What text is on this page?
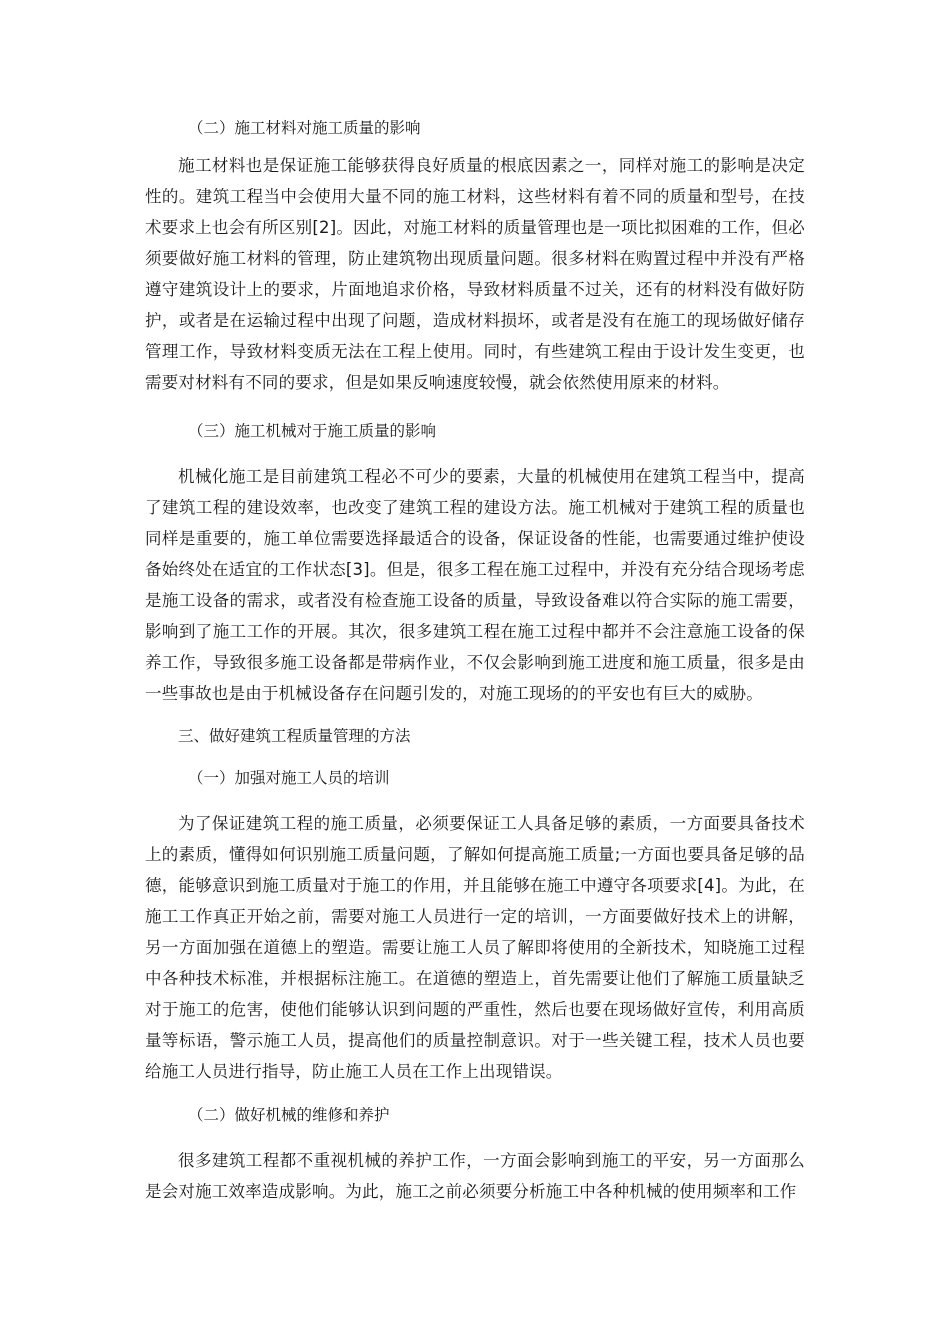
（二）施工材料对施工质量的影响

施工材料也是保证施工能够获得良好质量的根底因素之一，同样对施工的影响是决定性的。建筑工程当中会使用大量不同的施工材料，这些材料有着不同的质量和型号，在技术要求上也会有所区别[2]。因此，对施工材料的质量管理也是一项比拟困难的工作，但必须要做好施工材料的管理，防止建筑物出现质量问题。很多材料在购置过程中并没有严格遵守建筑设计上的要求，片面地追求价格，导致材料质量不过关，还有的材料没有做好防护，或者是在运输过程中出现了问题，造成材料损坏，或者是没有在施工的现场做好储存管理工作，导致材料变质无法在工程上使用。同时，有些建筑工程由于设计发生变更，也需要对材料有不同的要求，但是如果反响速度较慢，就会依然使用原来的材料。

（三）施工机械对于施工质量的影响

机械化施工是目前建筑工程必不可少的要素，大量的机械使用在建筑工程当中，提高了建筑工程的建设效率，也改变了建筑工程的建设方法。施工机械对于建筑工程的质量也同样是重要的，施工单位需要选择最适合的设备，保证设备的性能，也需要通过维护使设备始终处在适宜的工作状态[3]。但是，很多工程在施工过程中，并没有充分结合现场考虑是施工设备的需求，或者没有检查施工设备的质量，导致设备难以符合实际的施工需要，影响到了施工工作的开展。其次，很多建筑工程在施工过程中都并不会注意施工设备的保养工作，导致很多施工设备都是带病作业，不仅会影响到施工进度和施工质量，很多是由一些事故也是由于机械设备存在问题引发的，对施工现场的的平安也有巨大的威胁。

三、做好建筑工程质量管理的方法
（一）加强对施工人员的培训

为了保证建筑工程的施工质量，必须要保证工人具备足够的素质，一方面要具备技术上的素质，懂得如何识别施工质量问题，了解如何提高施工质量;一方面也要具备足够的品德，能够意识到施工质量对于施工的作用，并且能够在施工中遵守各项要求[4]。为此，在施工工作真正开始之前，需要对施工人员进行一定的培训，一方面要做好技术上的讲解，另一方面加强在道德上的塑造。需要让施工人员了解即将使用的全新技术，知晓施工过程中各种技术标准，并根据标注施工。在道德的塑造上，首先需要让他们了解施工质量缺乏对于施工的危害，使他们能够认识到问题的严重性，然后也要在现场做好宣传，利用高质量等标语，警示施工人员，提高他们的质量控制意识。对于一些关键工程，技术人员也要给施工人员进行指导，防止施工人员在工作上出现错误。

（二）做好机械的维修和养护

很多建筑工程都不重视机械的养护工作，一方面会影响到施工的平安，另一方面那么是会对施工效率造成影响。为此，施工之前必须要分析施工中各种机械的使用频率和工作
